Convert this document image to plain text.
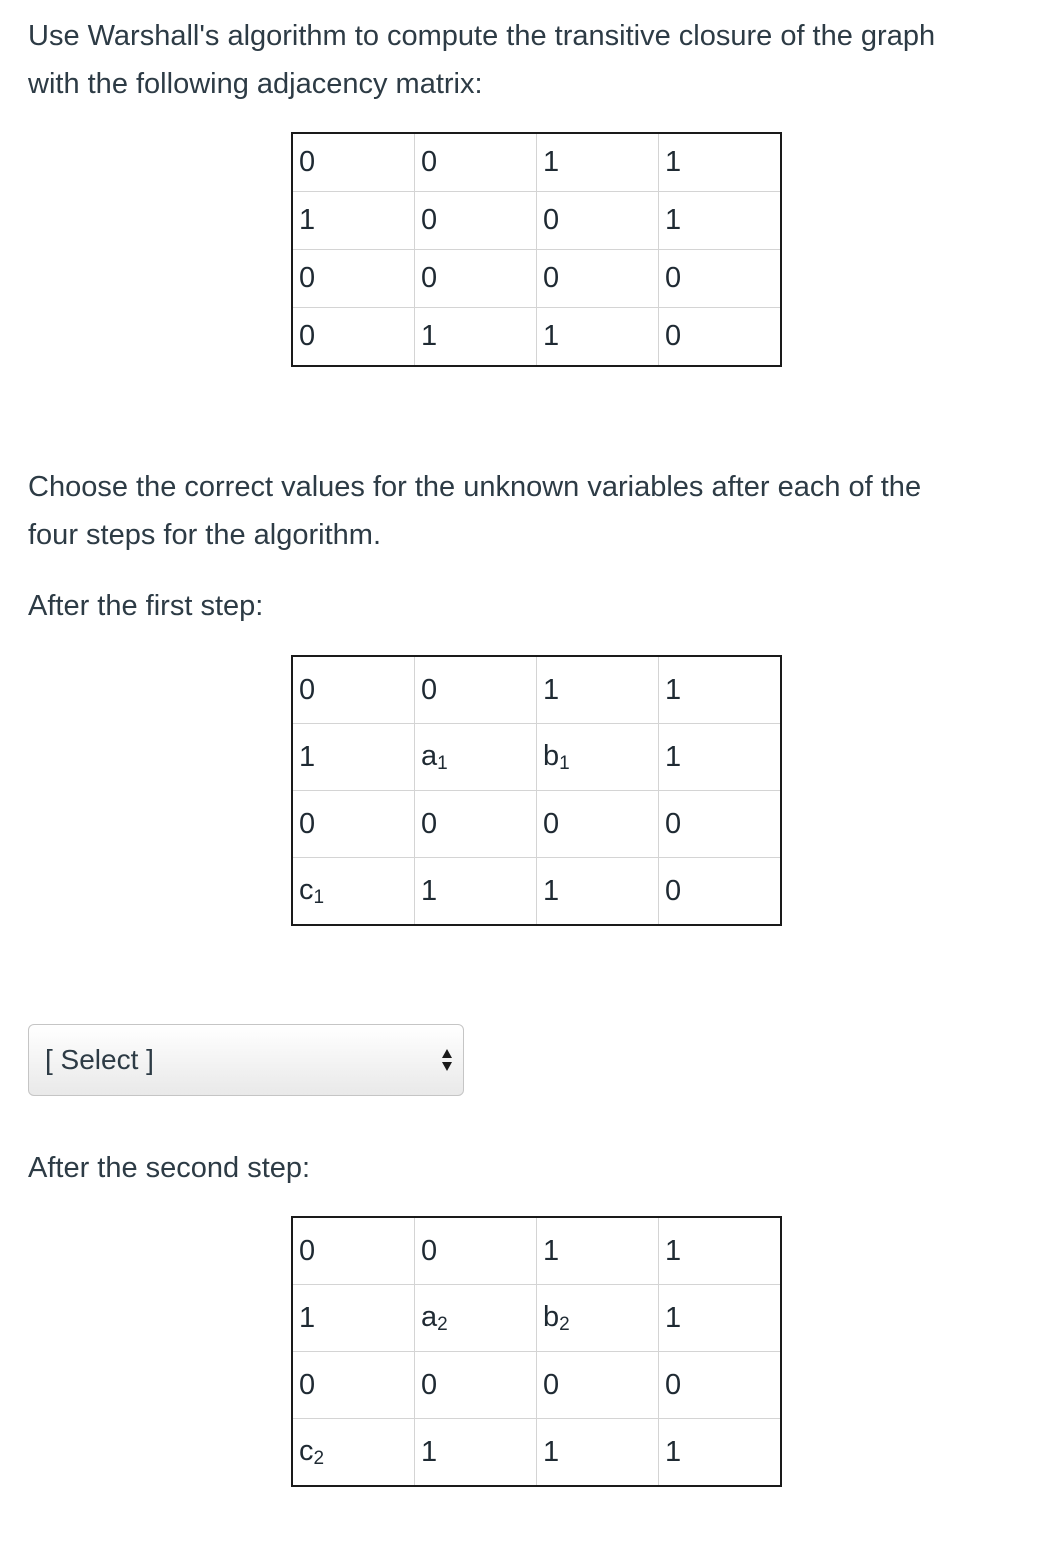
Use Warshall's algorithm to compute the transitive closure of the graph
with the following adjacency matrix:

0	0	1	1
1	0	0	1
0	0	0	0
0	1	1	0

Choose the correct values for the unknown variables after each of the
four steps for the algorithm.

After the first step:

0	0	1	1
1	$a_1$	$b_1$	1
0	0	0	0
$c_1$	1	1	0
[ Select ]

After the second step:

0	0	1	1
1	$a_2$	$b_2$	1
0	0	0	0
$c_2$	1	1	1
